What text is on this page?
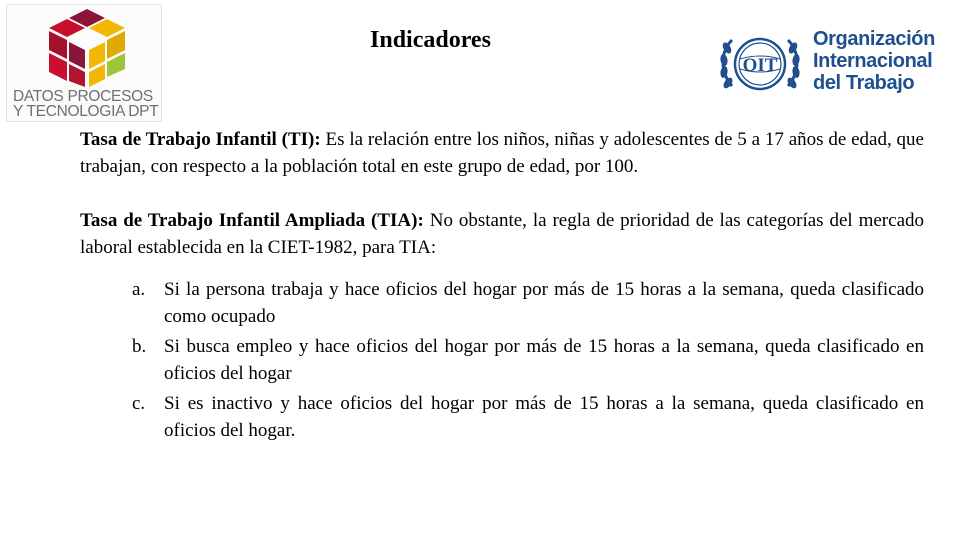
DATOS PROCESOS
Y TECNOLOGIA DPT
Indicadores
OIT
Organización
Internacional
del Trabajo

Tasa de Trabajo Infantil (TI): Es la relación entre los niños, niñas y adolescentes de 5 a 17 años de edad, que trabajan, con respecto a la población total en este grupo de edad, por 100.

Tasa de Trabajo Infantil Ampliada (TIA): No obstante, la regla de prioridad de las categorías del mercado laboral establecida en la CIET-1982, para TIA:

a. Si la persona trabaja y hace oficios del hogar por más de 15 horas a la semana, queda clasificado como ocupado
b. Si busca empleo y hace oficios del hogar por más de 15 horas a la semana, queda clasificado en oficios del hogar
c. Si es inactivo y hace oficios del hogar por más de 15 horas a la semana, queda clasificado en oficios del hogar.
